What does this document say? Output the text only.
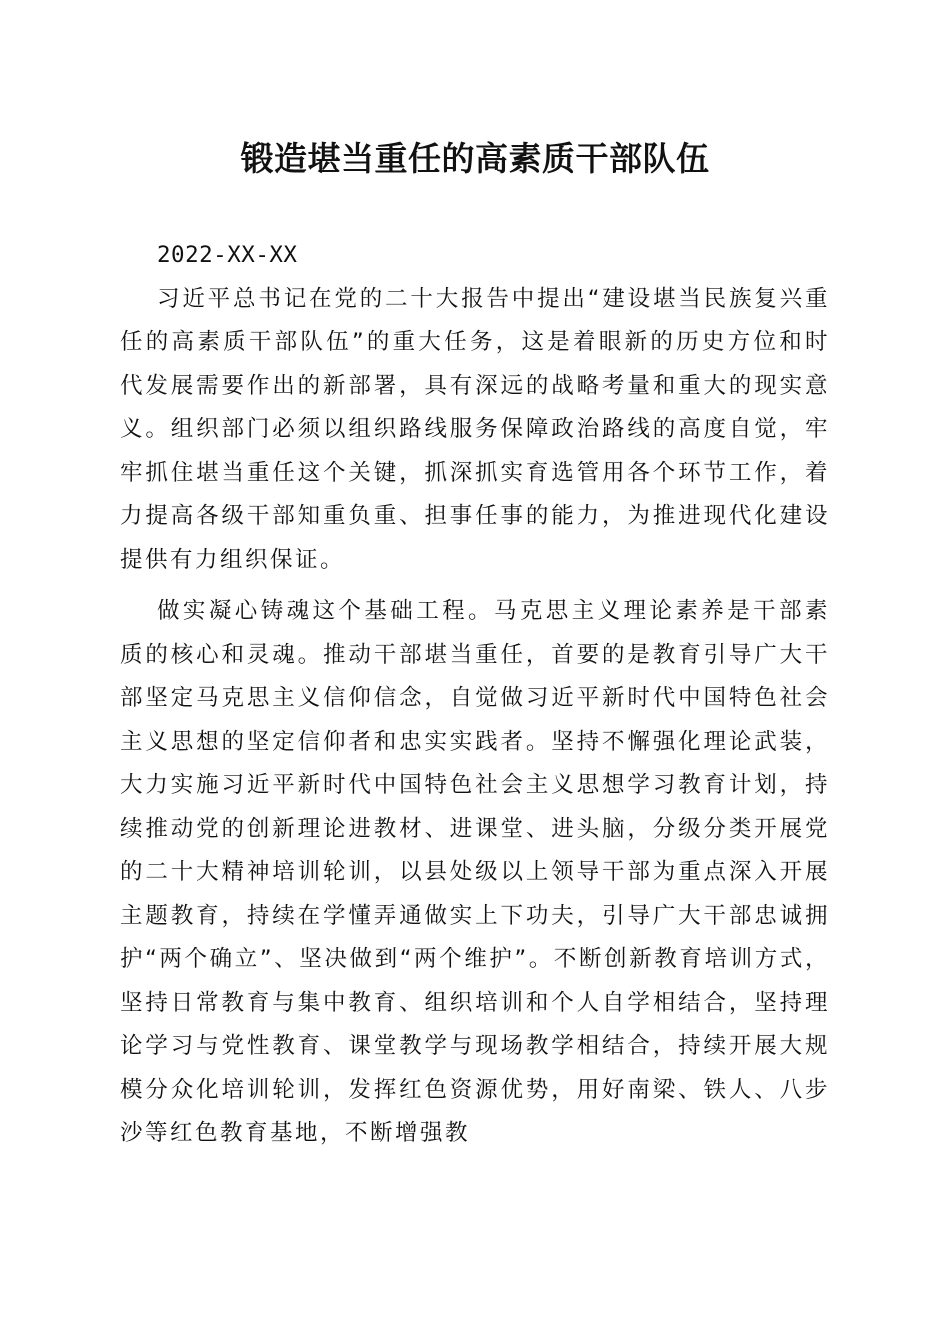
锻造堪当重任的高素质干部队伍

2022-XX-XX

习近平总书记在党的二十大报告中提出“建设堪当民族复兴重任的高素质干部队伍”的重大任务，这是着眼新的历史方位和时代发展需要作出的新部署，具有深远的战略考量和重大的现实意义。组织部门必须以组织路线服务保障政治路线的高度自觉，牢牢抓住堪当重任这个关键，抓深抓实育选管用各个环节工作，着力提高各级干部知重负重、担事任事的能力，为推进现代化建设提供有力组织保证。

做实凝心铸魂这个基础工程。马克思主义理论素养是干部素质的核心和灵魂。推动干部堪当重任，首要的是教育引导广大干部坚定马克思主义信仰信念，自觉做习近平新时代中国特色社会主义思想的坚定信仰者和忠实实践者。坚持不懈强化理论武装，大力实施习近平新时代中国特色社会主义思想学习教育计划，持续推动党的创新理论进教材、进课堂、进头脑，分级分类开展党的二十大精神培训轮训，以县处级以上领导干部为重点深入开展主题教育，持续在学懂弄通做实上下功夫，引导广大干部忠诚拥护“两个确立”、坚决做到“两个维护”。不断创新教育培训方式，坚持日常教育与集中教育、组织培训和个人自学相结合，坚持理论学习与党性教育、课堂教学与现场教学相结合，持续开展大规模分众化培训轮训，发挥红色资源优势，用好南梁、铁人、八步沙等红色教育基地，不断增强教
